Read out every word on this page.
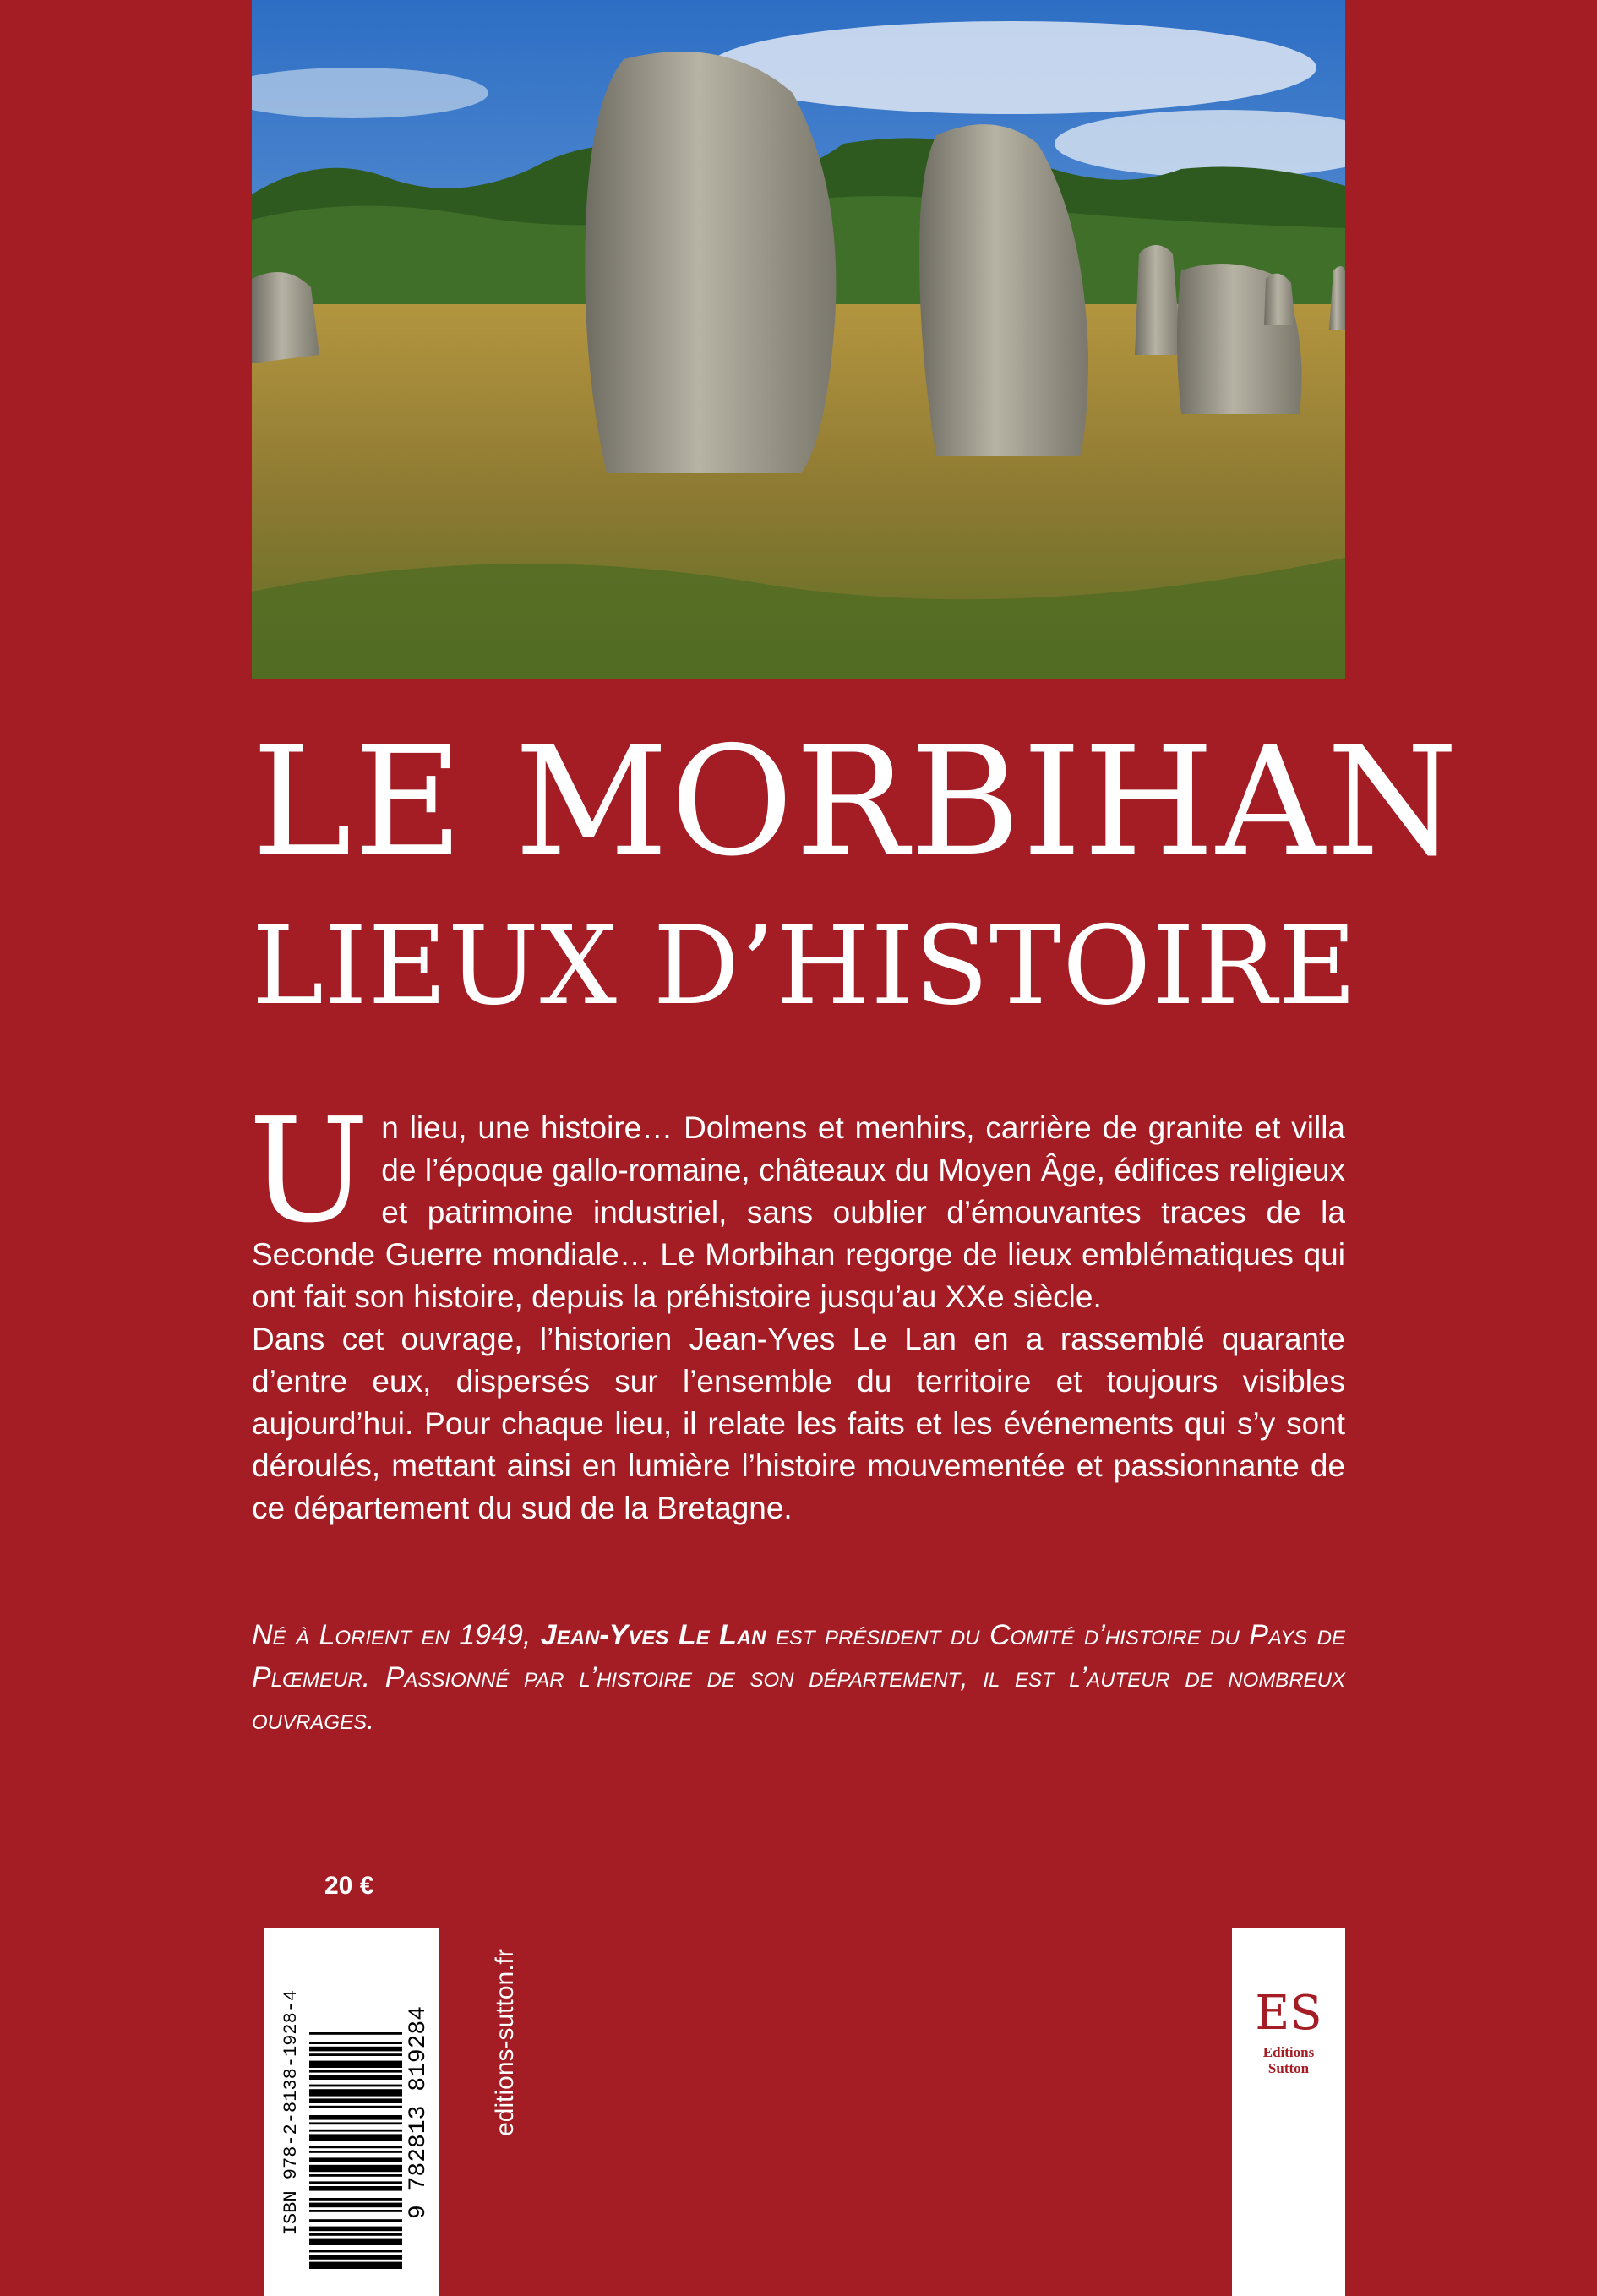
LE MORBIHAN
LIEUX D’HISTOIRE
U n lieu, une histoire… Dolmens et menhirs, carrière de granite et villa de l’époque gallo-romaine, châteaux du Moyen Âge, édifices religieux et patrimoine industriel, sans oublier d’émouvantes traces de la Seconde Guerre mondiale… Le Morbihan regorge de lieux emblématiques qui ont fait son histoire, depuis la préhistoire jusqu’au XXe siècle.

Dans cet ouvrage, l’historien Jean-Yves Le Lan en a rassemblé quarante d’entre eux, dispersés sur l’ensemble du territoire et toujours visibles aujourd’hui. Pour chaque lieu, il relate les faits et les événements qui s’y sont déroulés, mettant ainsi en lumière l’histoire mouvementée et passionnante de ce département du sud de la Bretagne.

Né à Lorient en 1949, Jean-Yves Le Lan est président du Comité d’histoire du Pays de Plœmeur. Passionné par l’histoire de son département, il est l’auteur de nombreux ouvrages.
20 €
ISBN 978-2-8138-1928-4	9 782813 819284 editions-sutton.fr	ES
Editions
Sutton
